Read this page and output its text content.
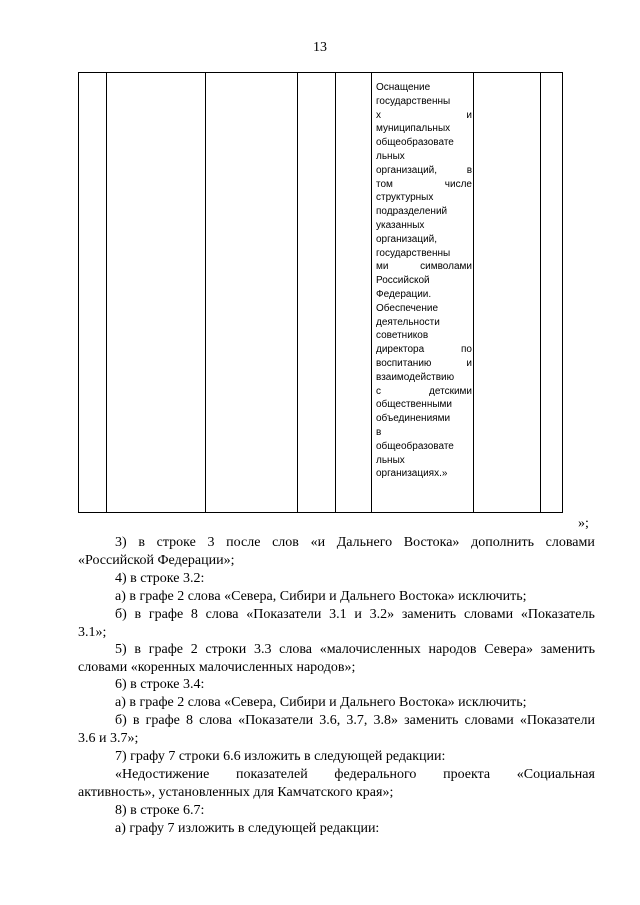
13
Оснащение
государственны
х	и
муниципальных
общеобразовате
льных
организаций,	в
том	числе
структурных
подразделений
указанных
организаций,
государственны
ми	символами
Российской
Федерации.
Обеспечение
деятельности
советников
директора	по
воспитанию	и
взаимодействию
с	детскими
общественными
объединениями
в
общеобразовате
льных
организациях.»
»;
3) в строке 3 после слов «и Дальнего Востока» дополнить словами
«Российской Федерации»;
4) в строке 3.2:
а) в графе 2 слова «Севера, Сибири и Дальнего Востока» исключить;
б) в графе 8 слова «Показатели 3.1 и 3.2» заменить словами «Показатель
3.1»;
5) в графе 2 строки 3.3 слова «малочисленных народов Севера» заменить
словами «коренных малочисленных народов»;
6) в строке 3.4:
а) в графе 2 слова «Севера, Сибири и Дальнего Востока» исключить;
б) в графе 8 слова «Показатели 3.6, 3.7, 3.8» заменить словами «Показатели
3.6 и 3.7»;
7) графу 7 строки 6.6 изложить в следующей редакции:
«Недостижение показателей федерального проекта «Социальная
активность», установленных для Камчатского края»;
8) в строке 6.7:
а) графу 7 изложить в следующей редакции:
